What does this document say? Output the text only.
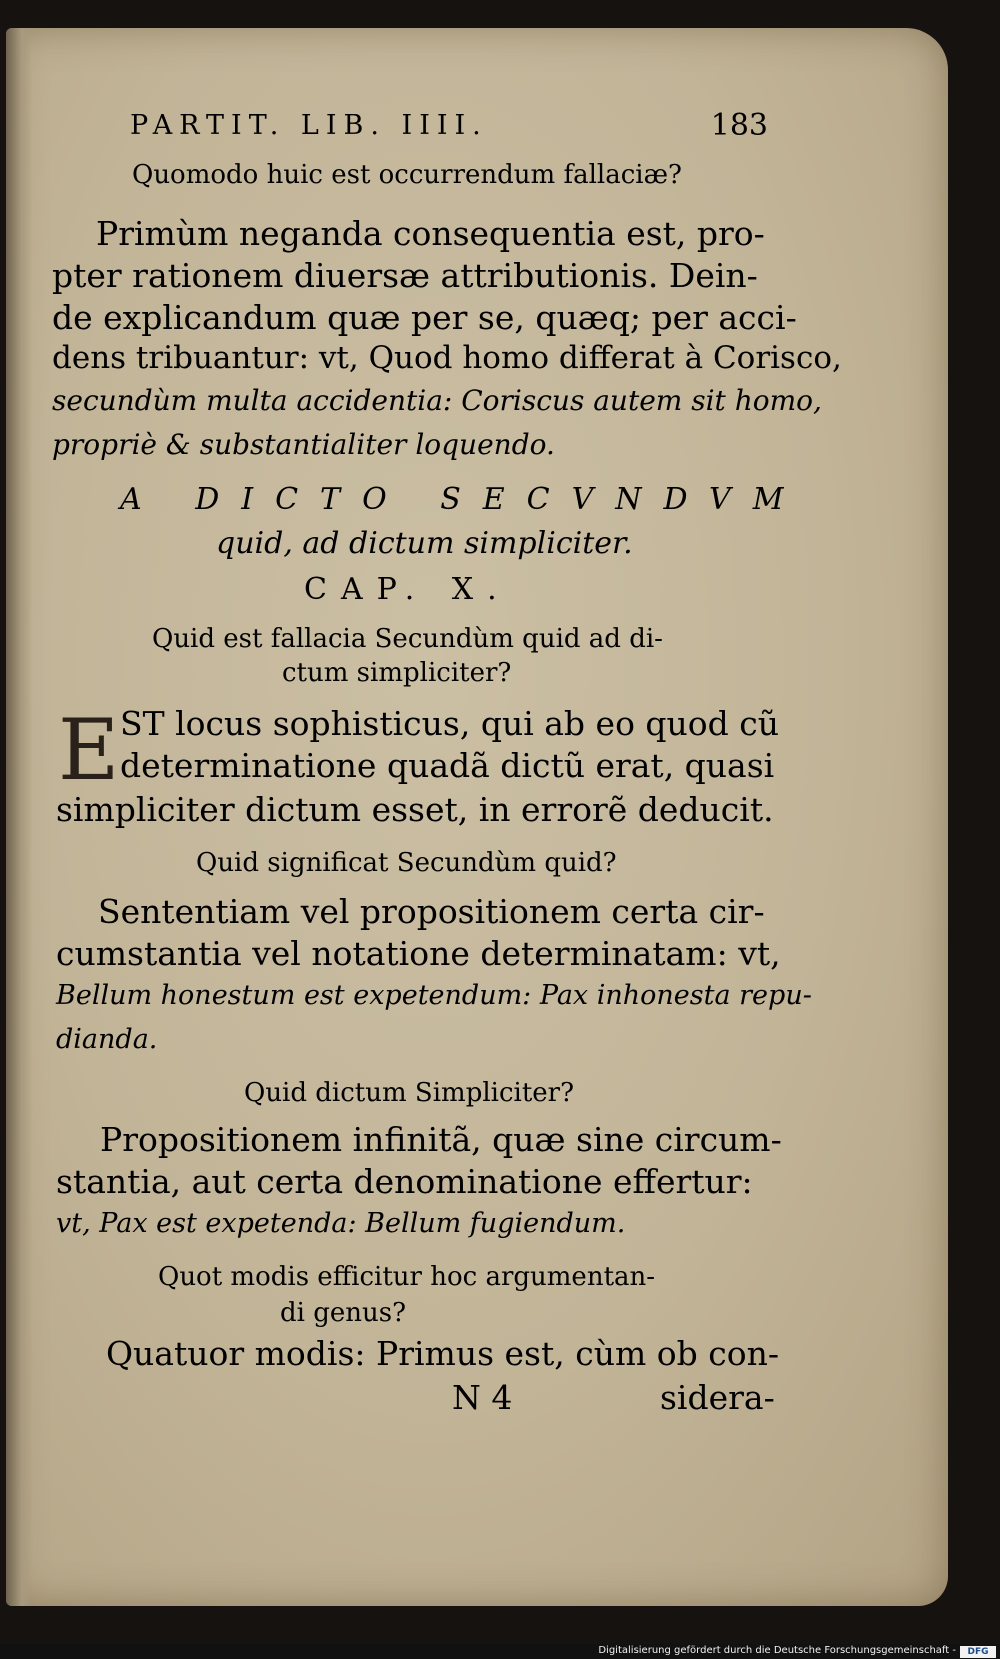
PARTIT. LIB. IIII.	183
Quomodo huic est occurrendum fallaciæ?
Primùm neganda consequentia est, pro-
pter rationem diuersæ attributionis. Dein-
de explicandum quæ per se, quæq; per acci-
dens tribuantur: vt, Quod homo differat à Corisco,
secundùm multa accidentia: Coriscus autem sit homo,
propriè & substantialiter loquendo.
A DICTO SECVNDVM
quid, ad dictum simpliciter.
CAP. X.
Quid est fallacia Secundùm quid ad di-
ctum simpliciter?
E ST locus sophisticus, qui ab eo quod cũ
determinatione quadã dictũ erat, quasi
simpliciter dictum esset, in errorẽ deducit.
Quid significat Secundùm quid?
Sententiam vel propositionem certa cir-
cumstantia vel notatione determinatam: vt,
Bellum honestum est expetendum: Pax inhonesta repu-
dianda.
Quid dictum Simpliciter?
Propositionem infinitã, quæ sine circum-
stantia, aut certa denominatione effertur:
vt, Pax est expetenda: Bellum fugiendum.
Quot modis efficitur hoc argumentan-
di genus?
Quatuor modis: Primus est, cùm ob con-
N 4	sidera-
Digitalisierung gefördert durch die Deutsche Forschungsgemeinschaft -	DFG
